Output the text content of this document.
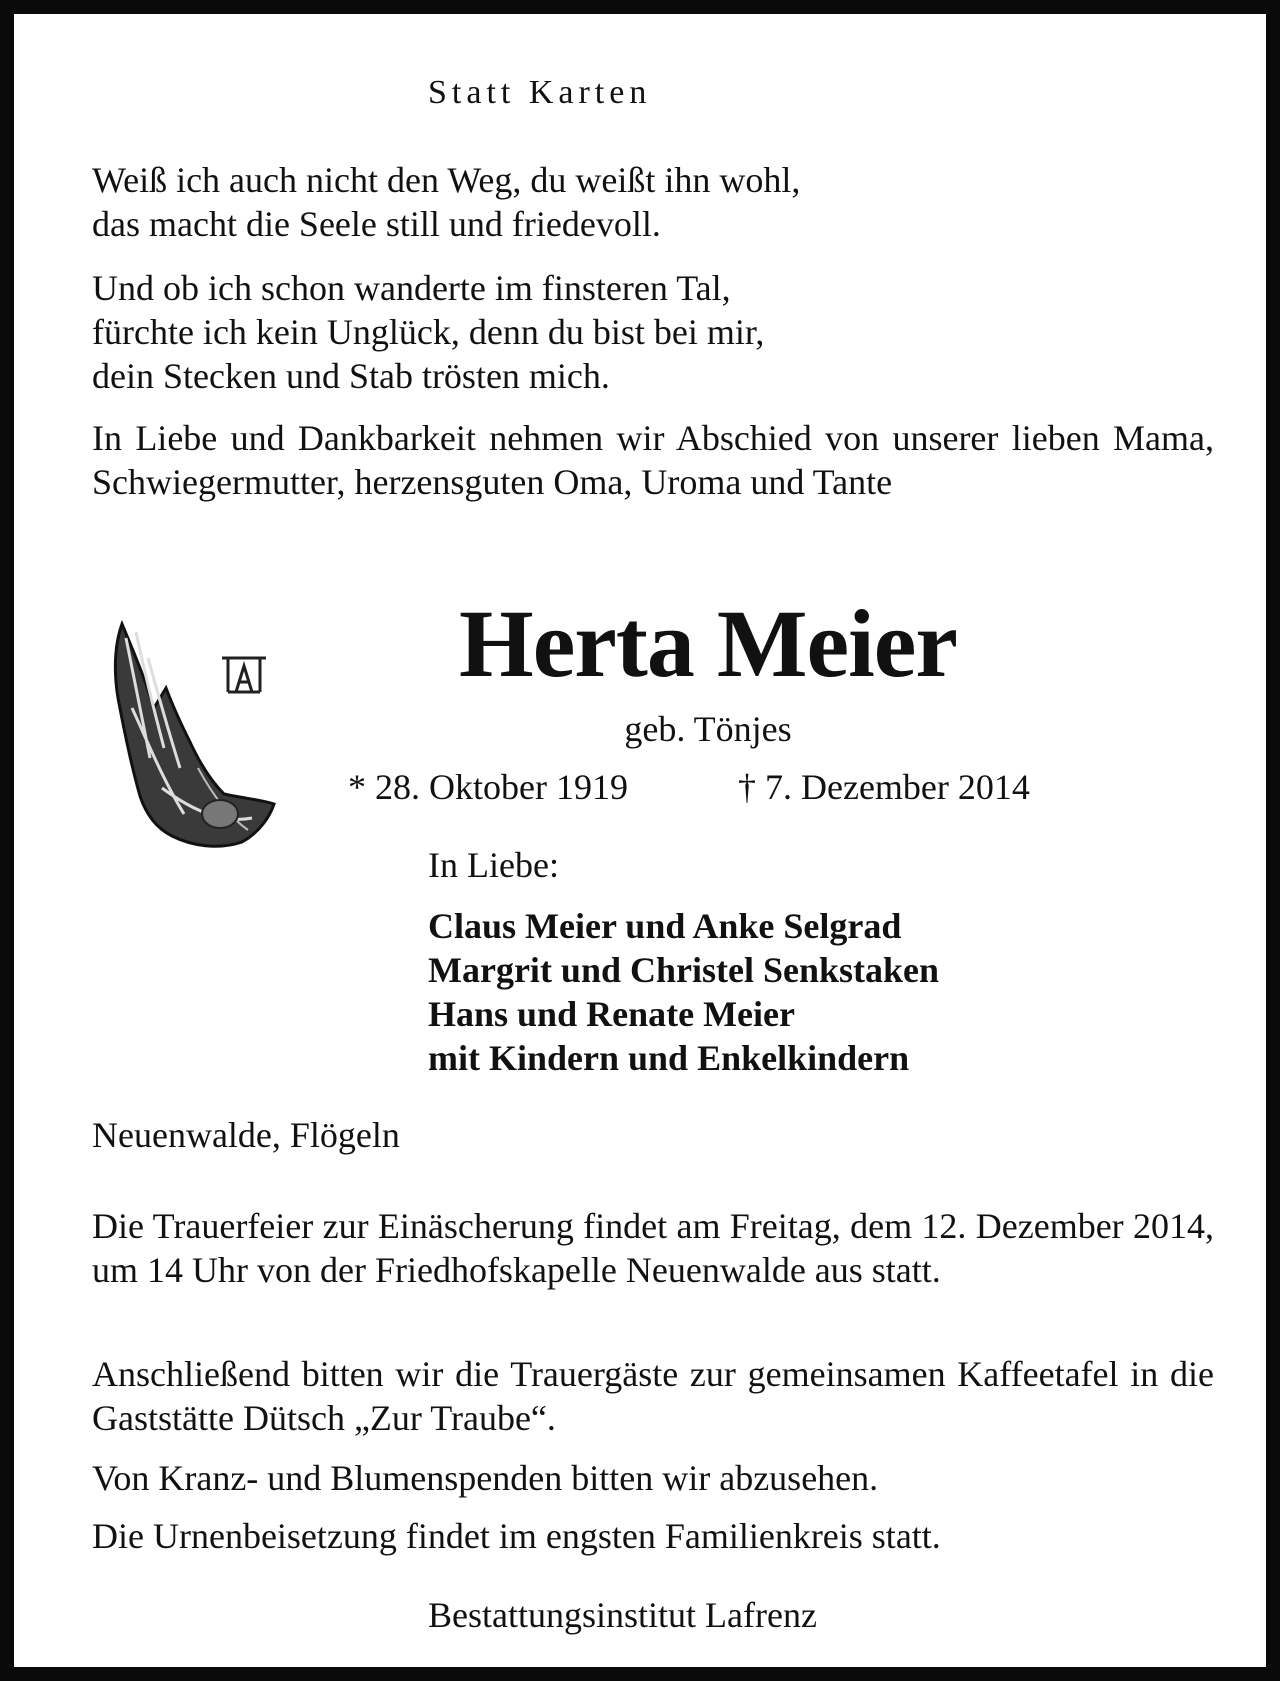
Statt Karten
Weiß ich auch nicht den Weg, du weißt ihn wohl,
das macht die Seele still und friedevoll.
Und ob ich schon wanderte im finsteren Tal,
fürchte ich kein Unglück, denn du bist bei mir,
dein Stecken und Stab trösten mich.
In Liebe und Dankbarkeit nehmen wir Abschied von unserer lieben Mama, Schwiegermutter, herzensguten Oma, Uroma und Tante
Herta Meier
geb. Tönjes
* 28. Oktober 1919	† 7. Dezember 2014
In Liebe:
Claus Meier und Anke Selgrad
Margrit und Christel Senkstaken
Hans und Renate Meier
mit Kindern und Enkelkindern
Neuenwalde, Flögeln
Die Trauerfeier zur Einäscherung findet am Freitag, dem 12. Dezember 2014, um 14 Uhr von der Friedhofskapelle Neuenwalde aus statt.
Anschließend bitten wir die Trauergäste zur gemeinsamen Kaffeetafel in die Gaststätte Dütsch „Zur Traube“.
Von Kranz- und Blumenspenden bitten wir abzusehen.
Die Urnenbeisetzung findet im engsten Familienkreis statt.
Bestattungsinstitut Lafrenz
